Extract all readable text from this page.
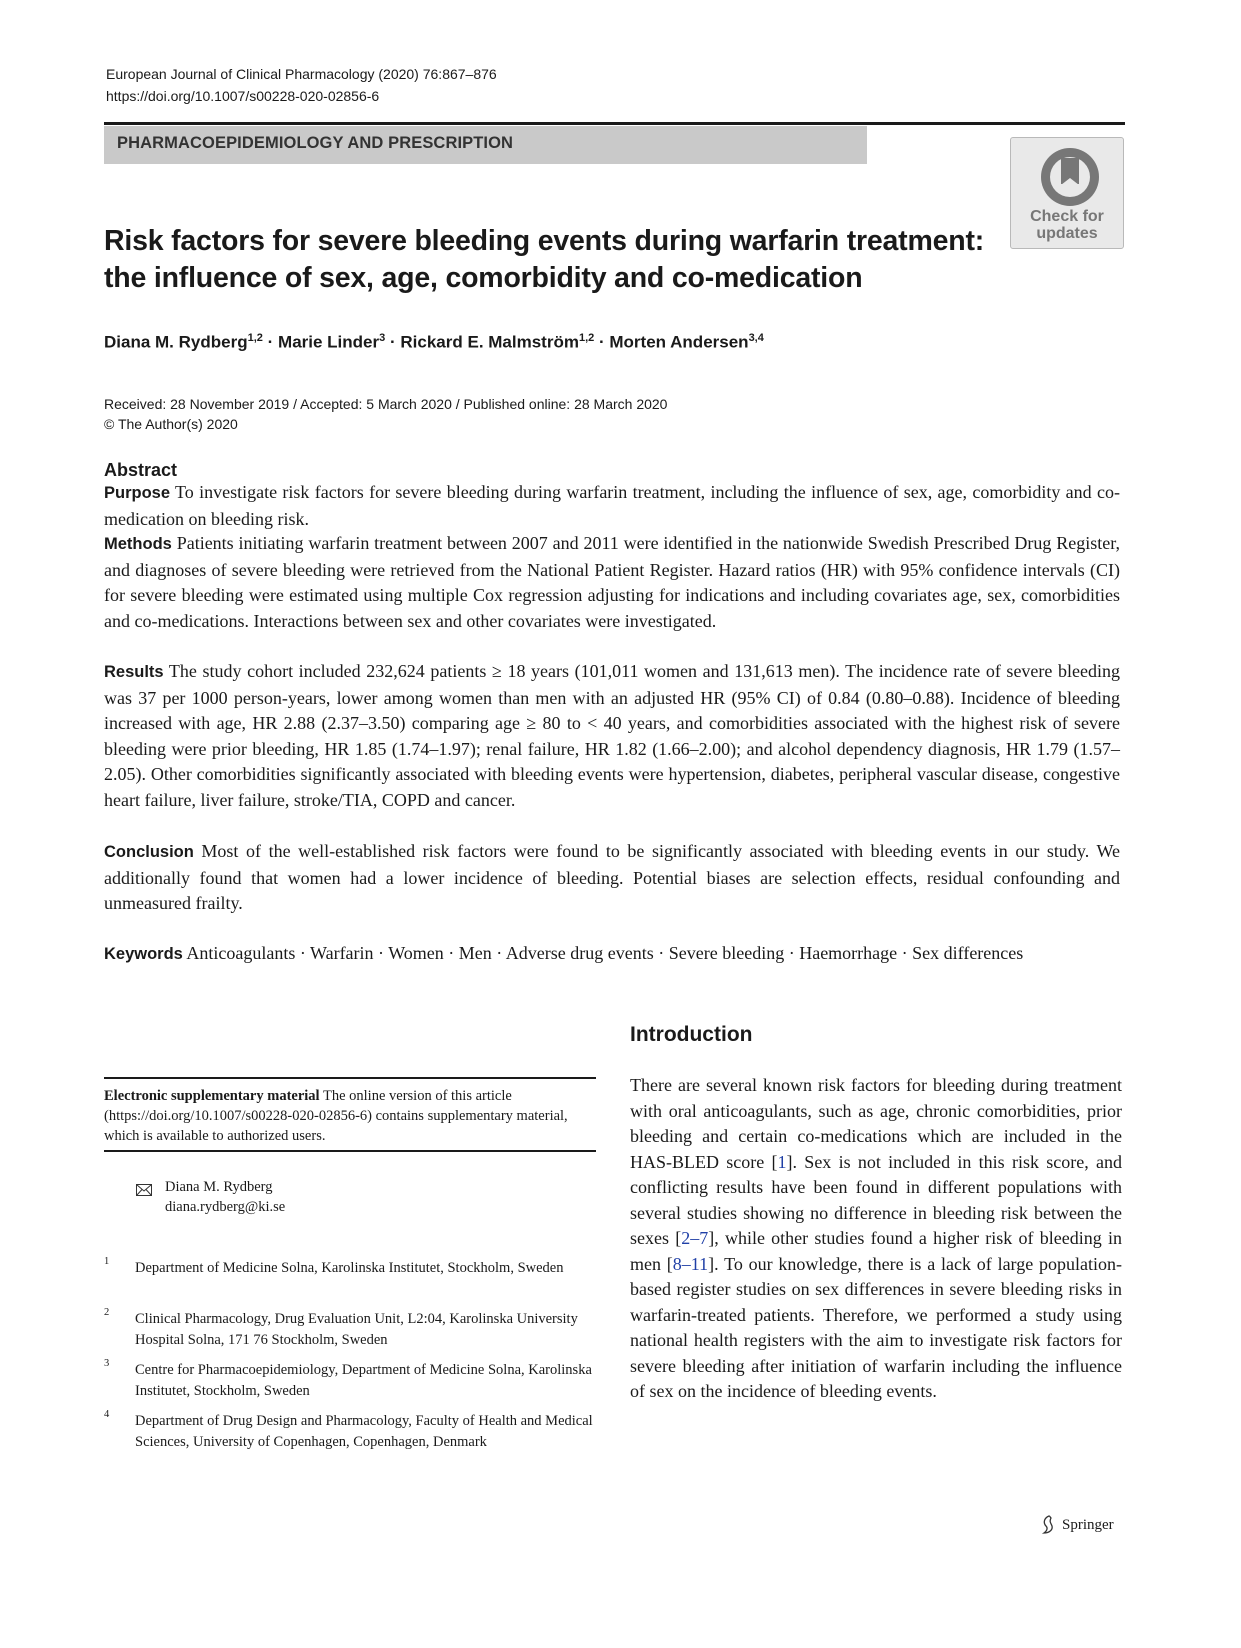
European Journal of Clinical Pharmacology (2020) 76:867–876
https://doi.org/10.1007/s00228-020-02856-6
PHARMACOEPIDEMIOLOGY AND PRESCRIPTION
Check for
updates
Risk factors for severe bleeding events during warfarin treatment:
the influence of sex, age, comorbidity and co-medication
Diana M. Rydberg$^{1,2}$ · Marie Linder$^3$ · Rickard E. Malmström$^{1,2}$ · Morten Andersen$^{3,4}$
Received: 28 November 2019 / Accepted: 5 March 2020 / Published online: 28 March 2020
© The Author(s) 2020
Abstract
Purpose To investigate risk factors for severe bleeding during warfarin treatment, including the influence of sex, age, comorbidity and co-medication on bleeding risk.
Methods Patients initiating warfarin treatment between 2007 and 2011 were identified in the nationwide Swedish Prescribed Drug Register, and diagnoses of severe bleeding were retrieved from the National Patient Register. Hazard ratios (HR) with 95% confidence intervals (CI) for severe bleeding were estimated using multiple Cox regression adjusting for indications and including covariates age, sex, comorbidities and co-medications. Interactions between sex and other covariates were investigated.
Results The study cohort included 232,624 patients ≥ 18 years (101,011 women and 131,613 men). The incidence rate of severe bleeding was 37 per 1000 person-years, lower among women than men with an adjusted HR (95% CI) of 0.84 (0.80–0.88). Incidence of bleeding increased with age, HR 2.88 (2.37–3.50) comparing age ≥ 80 to < 40 years, and comorbidities associated with the highest risk of severe bleeding were prior bleeding, HR 1.85 (1.74–1.97); renal failure, HR 1.82 (1.66–2.00); and alcohol dependency diagnosis, HR 1.79 (1.57–2.05). Other comorbidities significantly associated with bleeding events were hypertension, diabetes, peripheral vascular disease, congestive heart failure, liver failure, stroke/TIA, COPD and cancer.
Conclusion Most of the well-established risk factors were found to be significantly associated with bleeding events in our study. We additionally found that women had a lower incidence of bleeding. Potential biases are selection effects, residual confounding and unmeasured frailty.
Keywords Anticoagulants · Warfarin · Women · Men · Adverse drug events · Severe bleeding · Haemorrhage · Sex differences
Electronic supplementary material The online version of this article (https://doi.org/10.1007/s00228-020-02856-6) contains supplementary material, which is available to authorized users.
Diana M. Rydberg
diana.rydberg@ki.se
1 Department of Medicine Solna, Karolinska Institutet, Stockholm, Sweden
2 Clinical Pharmacology, Drug Evaluation Unit, L2:04, Karolinska University Hospital Solna, 171 76 Stockholm, Sweden
3 Centre for Pharmacoepidemiology, Department of Medicine Solna, Karolinska Institutet, Stockholm, Sweden
4 Department of Drug Design and Pharmacology, Faculty of Health and Medical Sciences, University of Copenhagen, Copenhagen, Denmark
Introduction
There are several known risk factors for bleeding during treatment with oral anticoagulants, such as age, chronic comorbidities, prior bleeding and certain co-medications which are included in the HAS-BLED score [1]. Sex is not included in this risk score, and conflicting results have been found in different populations with several studies showing no difference in bleeding risk between the sexes [2–7], while other studies found a higher risk of bleeding in men [8–11]. To our knowledge, there is a lack of large population-based register studies on sex differences in severe bleeding risks in warfarin-treated patients. Therefore, we performed a study using national health registers with the aim to investigate risk factors for severe bleeding after initiation of warfarin including the influence of sex on the incidence of bleeding events.
Springer
